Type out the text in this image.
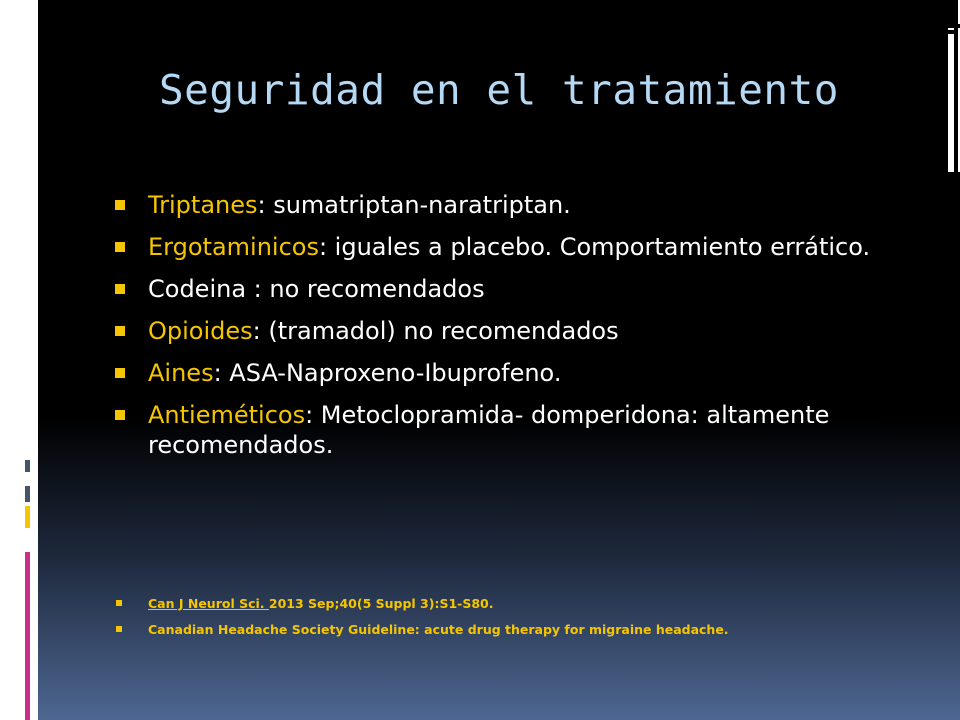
Seguridad en el tratamiento
Triptanes: sumatriptan-naratriptan.
Ergotaminicos: iguales a placebo. Comportamiento errático.
Codeina : no recomendados
Opioides: (tramadol) no recomendados
Aines: ASA-Naproxeno-Ibuprofeno.
Antieméticos: Metoclopramida- domperidona: altamente recomendados.
Can J Neurol Sci. 2013 Sep;40(5 Suppl 3):S1-S80.
Canadian Headache Society Guideline: acute drug therapy for migraine headache.
